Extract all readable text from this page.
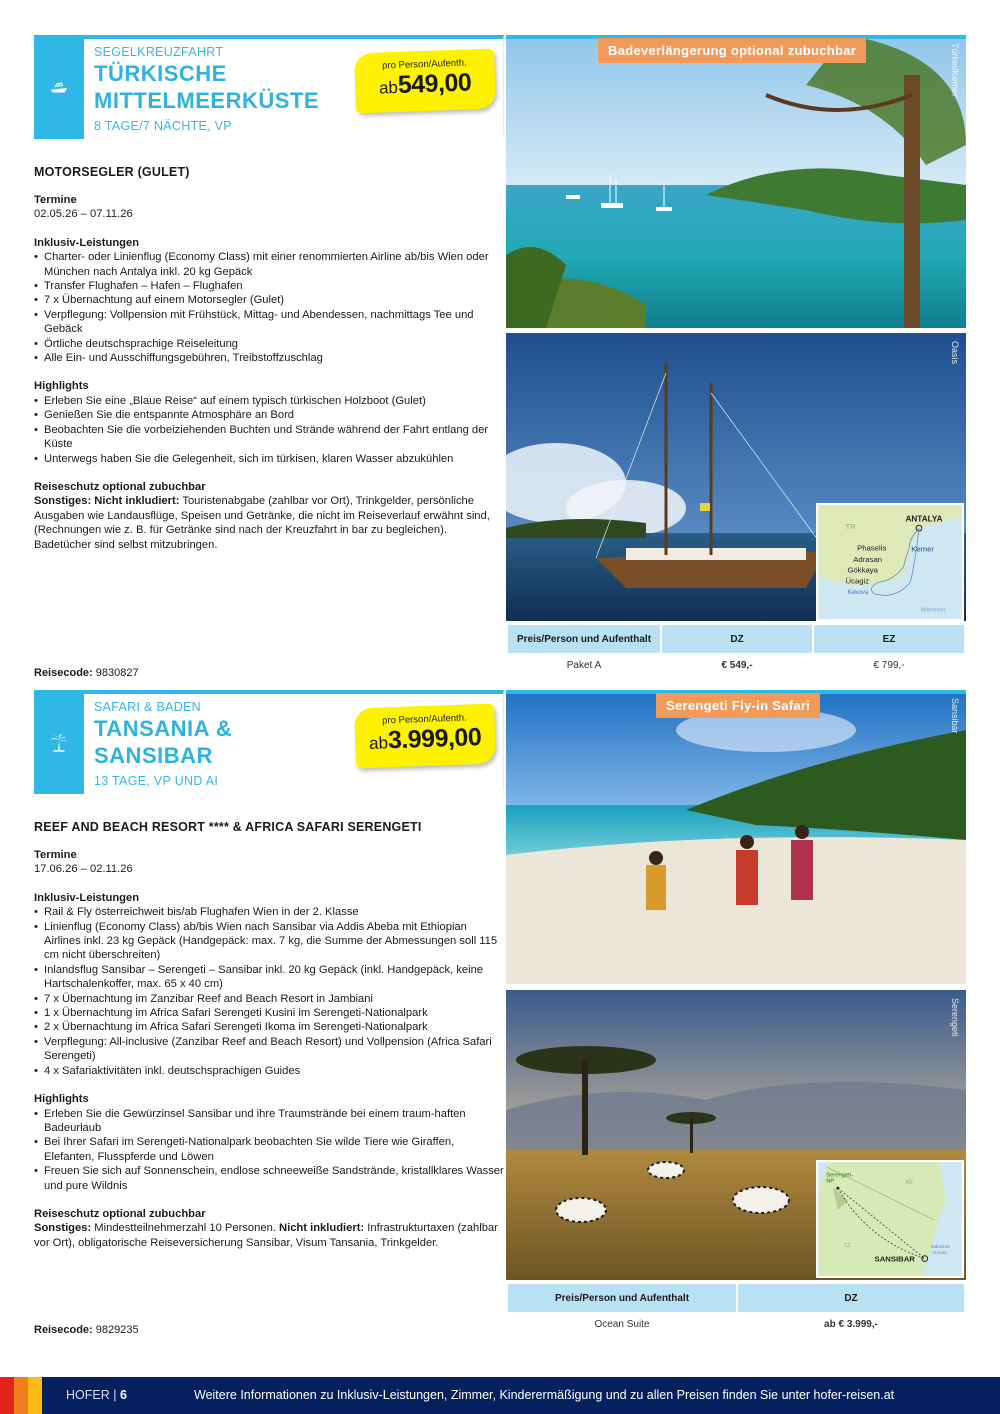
SEGELKREUZFAHRT
TÜRKISCHE
MITTELMEERKÜSTE
8 TAGE/7 NÄCHTE, VP
pro Person/Aufenth.
ab549,00
MOTORSEGLER (GULET)
Termine

02.05.26 – 07.11.26

Inklusiv-Leistungen
• Charter- oder Linienflug (Economy Class) mit einer renommierten Airline ab/bis Wien oder München nach Antalya inkl. 20 kg Gepäck
• Transfer Flughafen – Hafen – Flughafen
• 7 x Übernachtung auf einem Motorsegler (Gulet)
• Verpflegung: Vollpension mit Frühstück, Mittag- und Abendessen, nachmittags Tee und Gebäck
• Örtliche deutschsprachige Reiseleitung
• Alle Ein- und Ausschiffungsgebühren, Treibstoffzuschlag
Highlights
• Erleben Sie eine „Blaue Reise“ auf einem typisch türkischen Holzboot (Gulet)
• Genießen Sie die entspannte Atmosphäre an Bord
• Beobachten Sie die vorbeiziehenden Buchten und Strände während der Fahrt entlang der Küste
• Unterwegs haben Sie die Gelegenheit, sich im türkisen, klaren Wasser abzukühlen
Reiseschutz optional zubuchbar

Sonstiges: Nicht inkludiert: Touristenabgabe (zahlbar vor Ort), Trinkgelder, persönliche Ausgaben wie Landausflüge, Speisen und Getränke, die nicht im Reiseverlauf erwähnt sind, (Rechnungen wie z. B. für Getränke sind nach der Kreuzfahrt in bar zu begleichen). Badetücher sind selbst mitzubringen.

Reisecode: 9830827
Badeverlängerung optional zubuchbar	Türkei/Kemer
Oasis
TR
ANTALYA
Phaselis	Kemer
Adrasan
Gökkaya
Ücagiz
Kekova
Mittelmeer
Preis/Person und Aufenthalt	DZ	EZ
Paket A	€ 549,-	€ 799,-
SAFARI & BADEN
TANSANIA &
SANSIBAR
13 TAGE, VP UND AI
pro Person/Aufenth.
ab3.999,00
REEF AND BEACH RESORT **** & AFRICA SAFARI SERENGETI
Termine

17.06.26 – 02.11.26

Inklusiv-Leistungen
• Rail & Fly österreichweit bis/ab Flughafen Wien in der 2. Klasse
• Linienflug (Economy Class) ab/bis Wien nach Sansibar via Addis Abeba mit Ethiopian Airlines inkl. 23 kg Gepäck (Handgepäck: max. 7 kg, die Summe der Abmessungen soll 115 cm nicht überschreiten)
• Inlandsflug Sansibar – Serengeti – Sansibar inkl. 20 kg Gepäck (inkl. Handgepäck, keine Hartschalenkoffer, max. 65 x 40 cm)
• 7 x Übernachtung im Zanzibar Reef and Beach Resort in Jambiani
• 1 x Übernachtung im Africa Safari Serengeti Kusini im Serengeti-Nationalpark
• 2 x Übernachtung im Africa Safari Serengeti Ikoma im Serengeti-Nationalpark
• Verpflegung: All-inclusive (Zanzibar Reef and Beach Resort) und Vollpension (Africa Safari Serengeti)
• 4 x Safariaktivitäten inkl. deutschsprachigen Guides
Highlights
• Erleben Sie die Gewürzinsel Sansibar und ihre Traumstrände bei einem traum-haften Badeurlaub
• Bei Ihrer Safari im Serengeti-Nationalpark beobachten Sie wilde Tiere wie Giraffen, Elefanten, Flusspferde und Löwen
• Freuen Sie sich auf Sonnenschein, endlose schneeweiße Sandstrände, kristallklares Wasser und pure Wildnis
Reiseschutz optional zubuchbar

Sonstiges: Mindestteilnehmerzahl 10 Personen. Nicht inkludiert: Infrastrukturtaxen (zahlbar vor Ort), obligatorische Reiseversicherung Sansibar, Visum Tansania, Trinkgelder.

Reisecode: 9829235
Serengeti Fly-in Safari	Sansibar
Serengeti
KE
TZ
Serengeti-
NP
SANSIBAR
Indischer
Ozean
Preis/Person und Aufenthalt	DZ
Ocean Suite	ab € 3.999,-
HOFER | 6	Weitere Informationen zu Inklusiv-Leistungen, Zimmer, Kinderermäßigung und zu allen Preisen finden Sie unter hofer-reisen.at
